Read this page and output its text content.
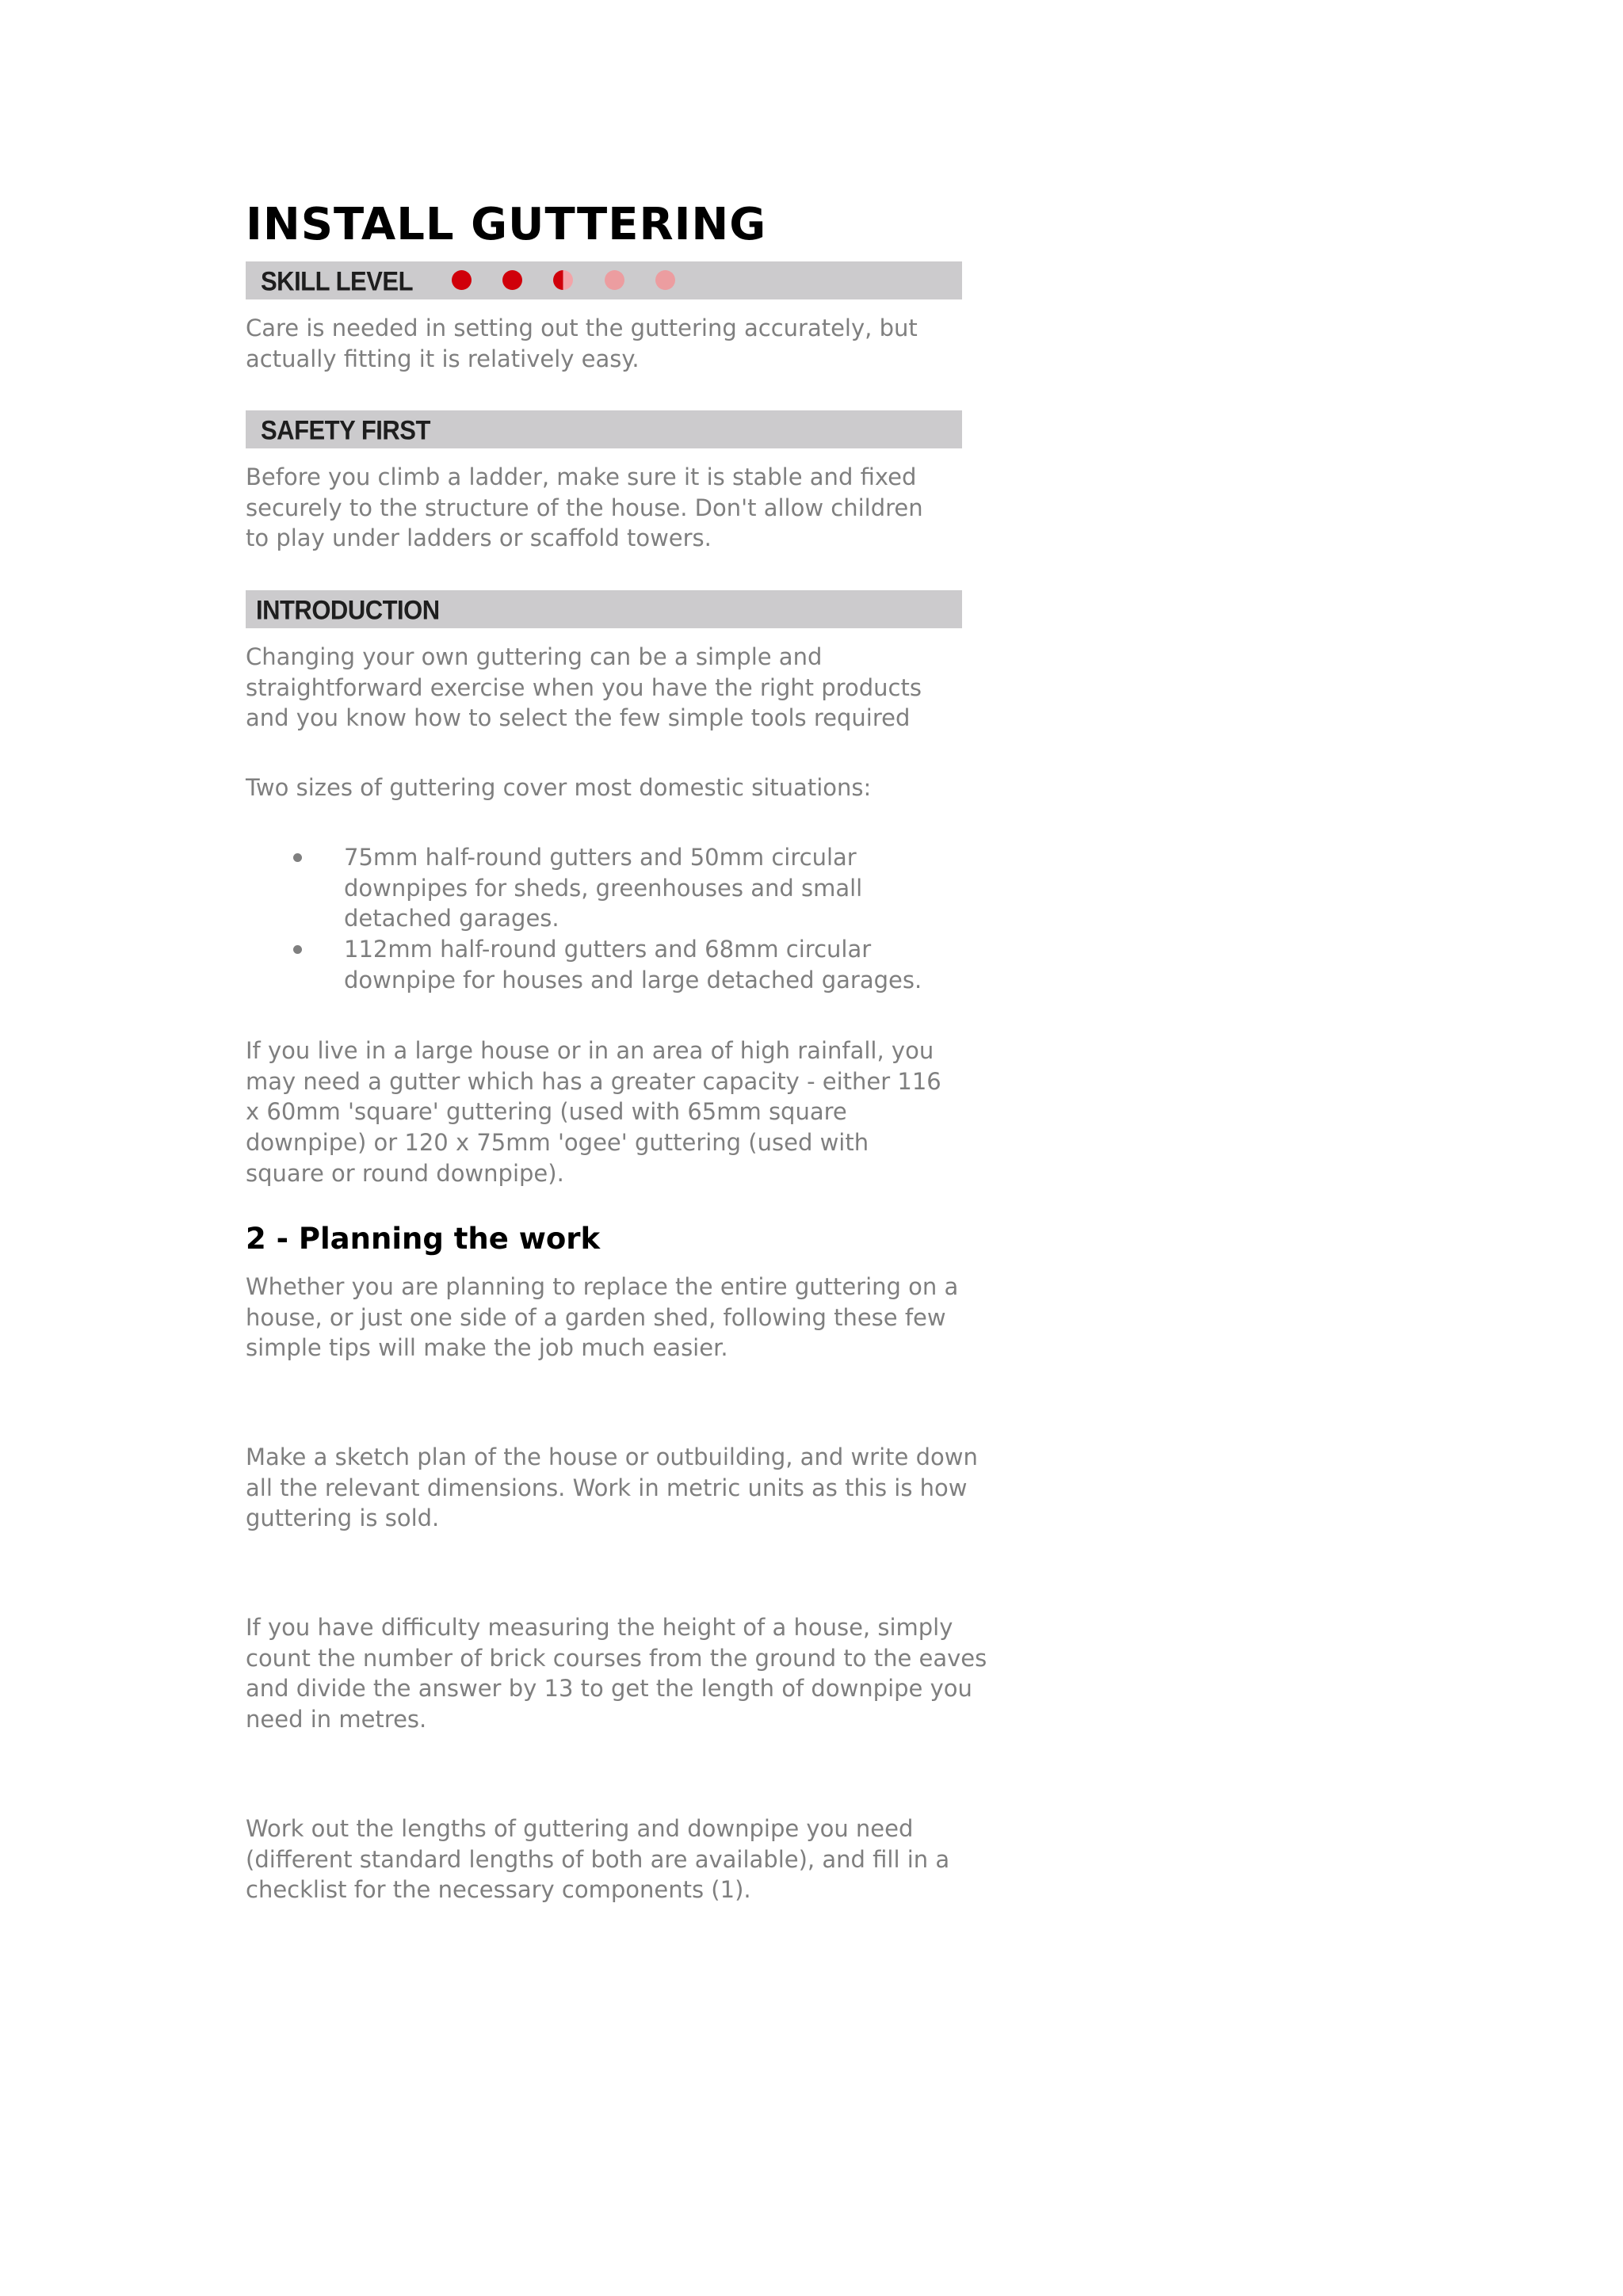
INSTALL GUTTERING
SKILL LEVEL

Care is needed in setting out the guttering accurately, but
actually fitting it is relatively easy.

SAFETY FIRST

Before you climb a ladder, make sure it is stable and fixed
securely to the structure of the house. Don't allow children
to play under ladders or scaffold towers.

INTRODUCTION

Changing your own guttering can be a simple and
straightforward exercise when you have the right products
and you know how to select the few simple tools required

Two sizes of guttering cover most domestic situations:

75mm half-round gutters and 50mm circular
downpipes for sheds, greenhouses and small
detached garages.
112mm half-round gutters and 68mm circular
downpipe for houses and large detached garages.

If you live in a large house or in an area of high rainfall, you
may need a gutter which has a greater capacity - either 116
x 60mm 'square' guttering (used with 65mm square
downpipe) or 120 x 75mm 'ogee' guttering (used with
square or round downpipe).

2 - Planning the work

Whether you are planning to replace the entire guttering on a
house, or just one side of a garden shed, following these few
simple tips will make the job much easier.

Make a sketch plan of the house or outbuilding, and write down
all the relevant dimensions. Work in metric units as this is how
guttering is sold.

If you have difficulty measuring the height of a house, simply
count the number of brick courses from the ground to the eaves
and divide the answer by 13 to get the length of downpipe you
need in metres.

Work out the lengths of guttering and downpipe you need
(different standard lengths of both are available), and fill in a
checklist for the necessary components (1).
